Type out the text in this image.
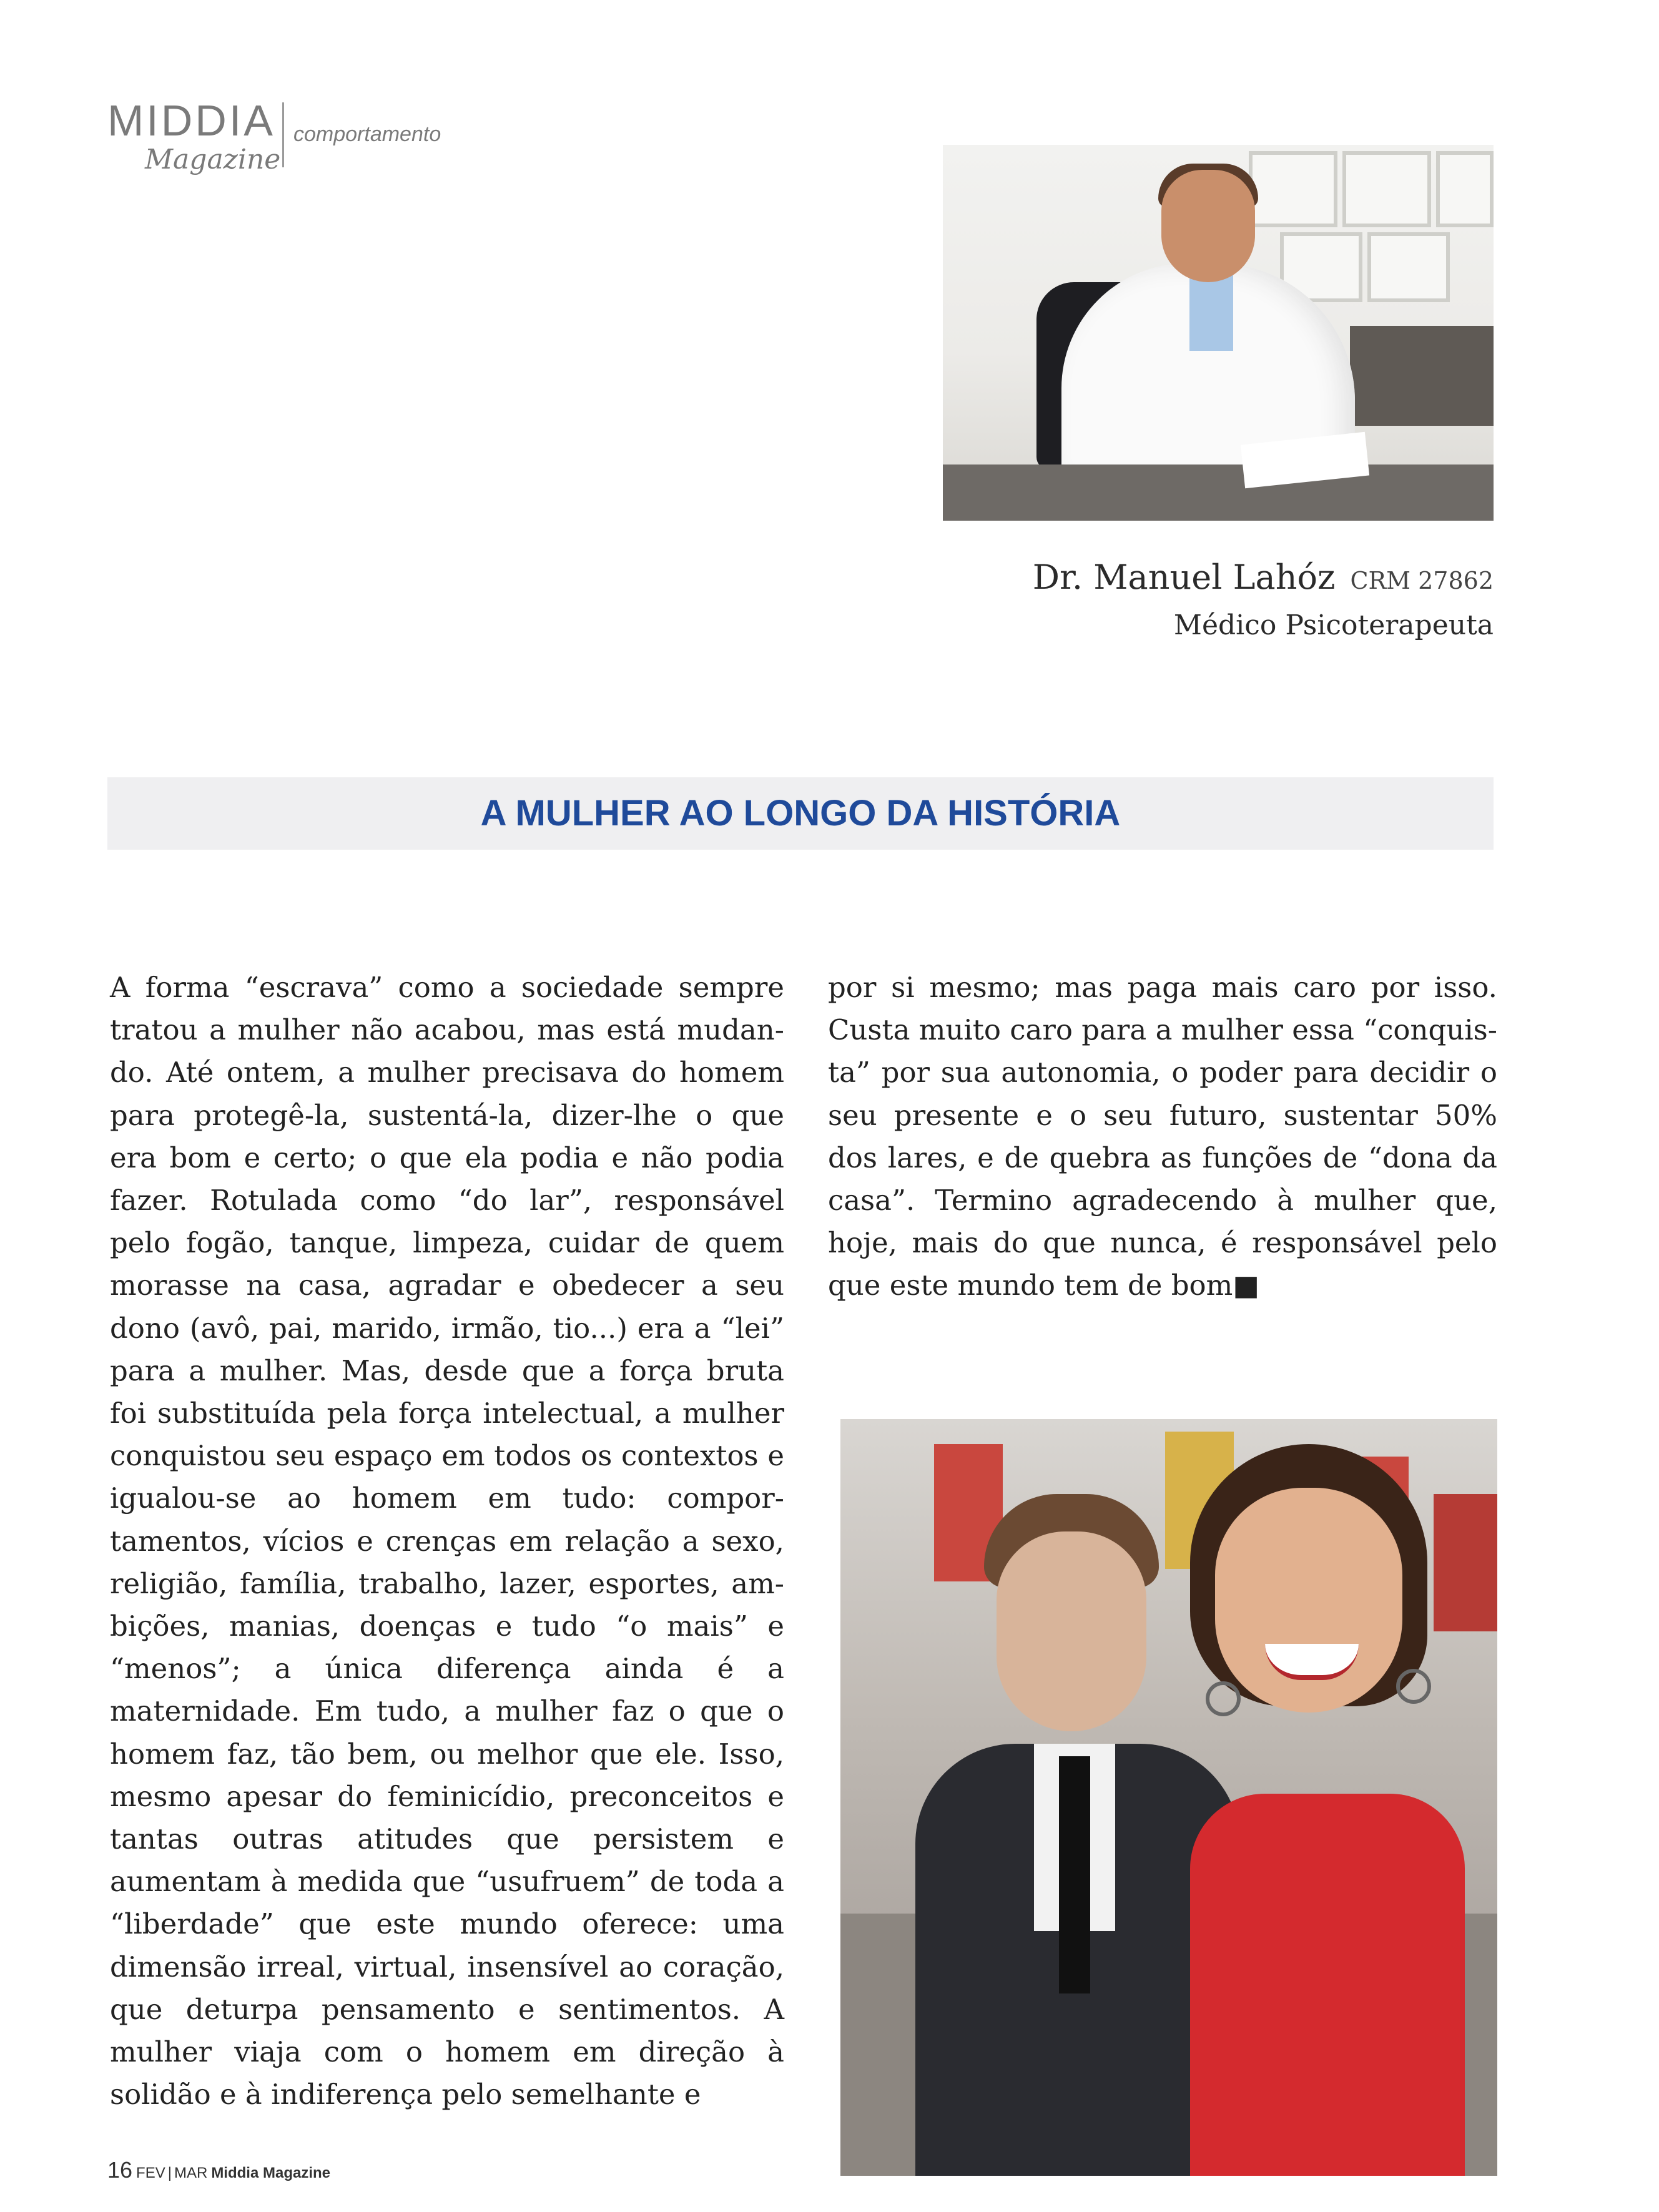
MIDDIA
Magazine
comportamento
Dr. Manuel Lahóz CRM 27862
Médico Psicoterapeuta
A MULHER AO LONGO DA HISTÓRIA
A forma “escrava” como a sociedade sempre tratou a mulher não acabou, mas está mudando. Até ontem, a mulher precisava do homem para protegê-la, sustentá-la, dizer-lhe o que era bom e certo; o que ela podia e não podia fazer. Rotulada como “do lar”, responsável pelo fogão, tanque, limpeza, cuidar de quem morasse na casa, agradar e obedecer a seu dono (avô, pai, marido, irmão, tio...) era a “lei” para a mulher. Mas, desde que a força bruta foi substituída pela força intelectual, a mulher conquistou seu espaço em todos os contextos e igualou-se ao homem em tudo: comportamentos, vícios e crenças em relação a sexo, religião, família, trabalho, lazer, esportes, ambições, manias, doenças e tudo “o mais” e “menos”; a única diferença ainda é a maternidade. Em tudo, a mulher faz o que o homem faz, tão bem, ou melhor que ele. Isso, mesmo apesar do feminicídio, preconceitos e tantas outras atitudes que persistem e aumentam à medida que “usufruem” de toda a “liberdade” que este mundo oferece: uma dimensão irreal, virtual, insensível ao coração, que deturpa pensamento e sentimentos. A mulher viaja com o homem em direção à solidão e à indiferença pelo semelhante e
por si mesmo; mas paga mais caro por isso. Custa muito caro para a mulher essa “conquista” por sua autonomia, o poder para decidir o seu presente e o seu futuro, sustentar 50% dos lares, e de quebra as funções de “dona da casa”. Termino agradecendo à mulher que, hoje, mais do que nunca, é responsável pelo que este mundo tem de bom■
16 FEV | MAR Middia Magazine
